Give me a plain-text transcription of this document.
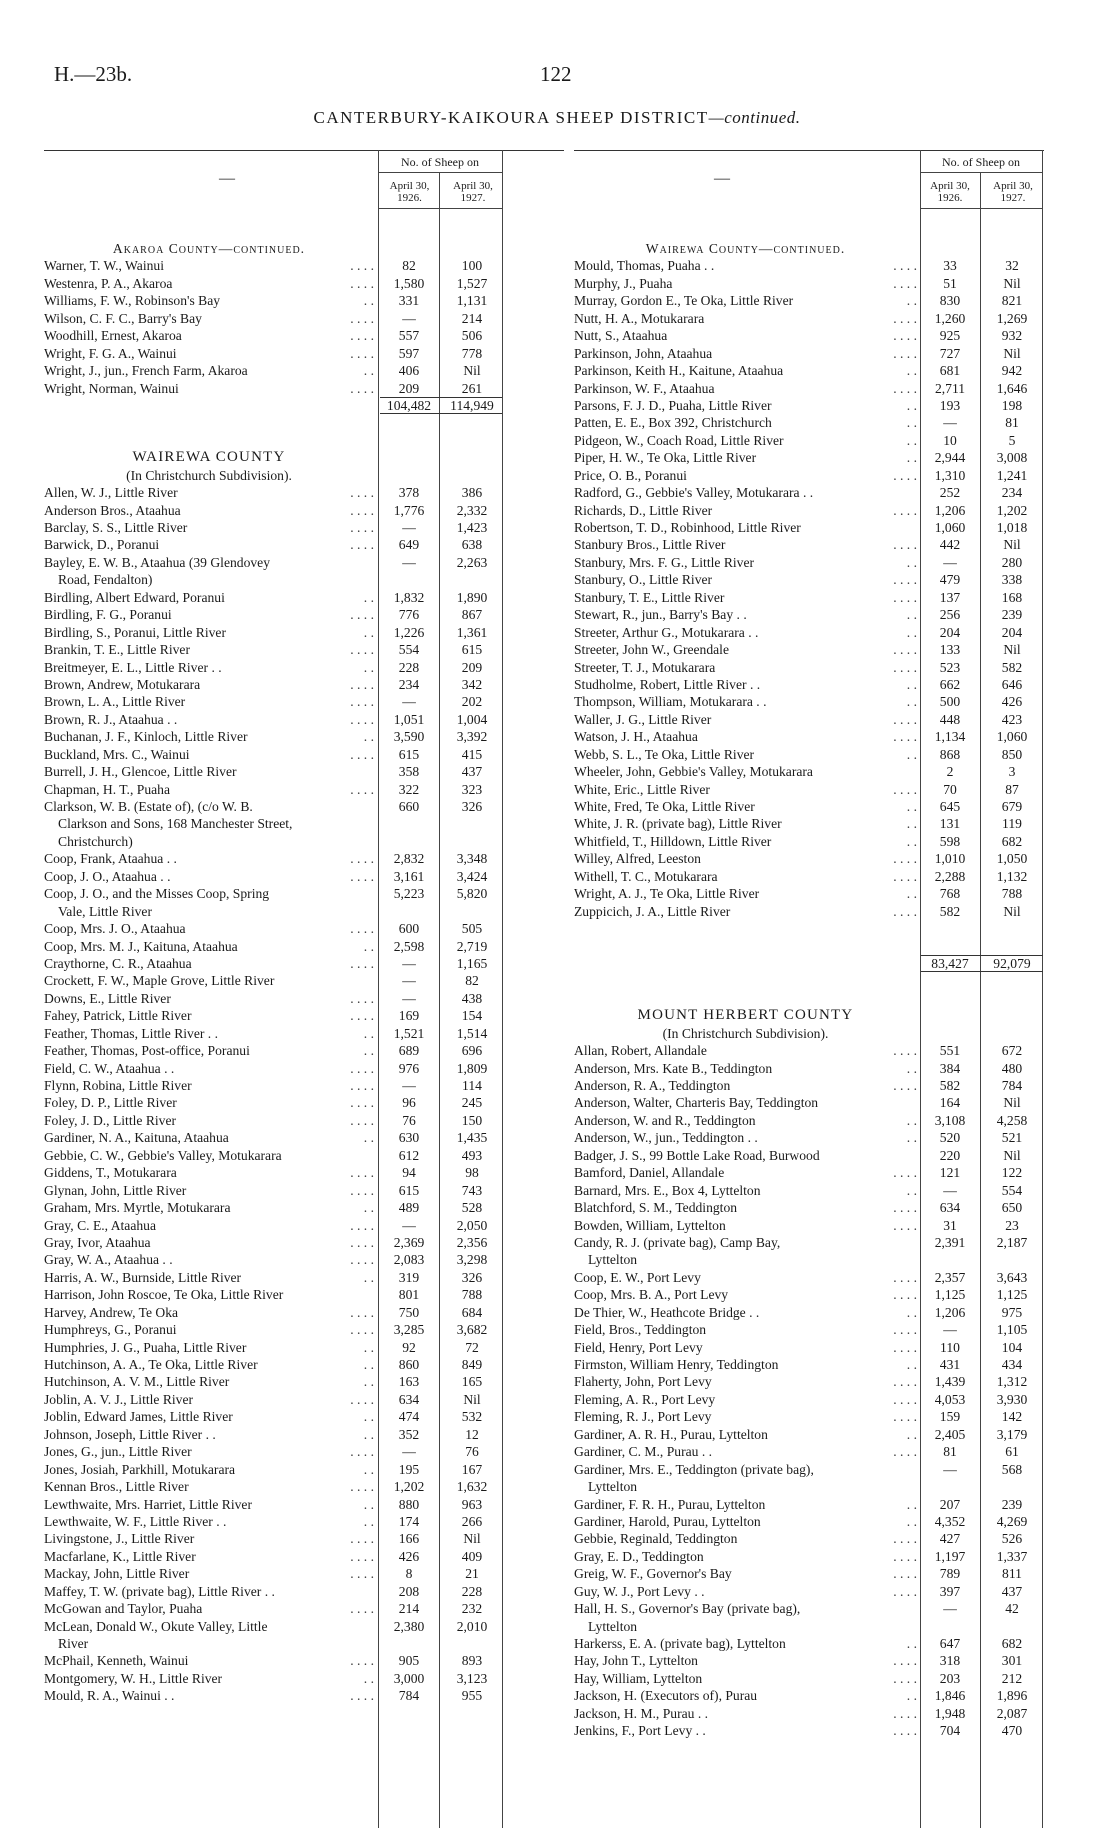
H.—23b.	122
CANTERBURY-KAIKOURA SHEEP DISTRICT—continued.
—
No. of Sheep on
April 30, 1926.
April 30, 1927.
Akaroa County—continued.
Warner, T. W., Wainui	. . . .	82	100
Westenra, P. A., Akaroa	. . . .	1,580	1,527
Williams, F. W., Robinson's Bay	. .	331	1,131
Wilson, C. F. C., Barry's Bay	. . . .	—	214
Woodhill, Ernest, Akaroa	. . . .	557	506
Wright, F. G. A., Wainui	. . . .	597	778
Wright, J., jun., French Farm, Akaroa	. .	406	Nil
Wright, Norman, Wainui	. . . .	209	261
104,482	114,949
WAIREWA COUNTY
(In Christchurch Subdivision).
Allen, W. J., Little River	. . . .	378	386
Anderson Bros., Ataahua	. . . .	1,776	2,332
Barclay, S. S., Little River	. . . .	—	1,423
Barwick, D., Poranui	. . . .	649	638
Bayley, E. W. B., Ataahua (39 Glendovey	—	2,263
Road, Fendalton)
Birdling, Albert Edward, Poranui	. .	1,832	1,890
Birdling, F. G., Poranui	. . . .	776	867
Birdling, S., Poranui, Little River	. .	1,226	1,361
Brankin, T. E., Little River	. . . .	554	615
Breitmeyer, E. L., Little River . .	. .	228	209
Brown, Andrew, Motukarara	. . . .	234	342
Brown, L. A., Little River	. . . .	—	202
Brown, R. J., Ataahua . .	. . . .	1,051	1,004
Buchanan, J. F., Kinloch, Little River	. .	3,590	3,392
Buckland, Mrs. C., Wainui	. . . .	615	415
Burrell, J. H., Glencoe, Little River	358	437
Chapman, H. T., Puaha	. . . .	322	323
Clarkson, W. B. (Estate of), (c/o W. B.	660	326
Clarkson and Sons, 168 Manchester Street,
Christchurch)
Coop, Frank, Ataahua . .	. . . .	2,832	3,348
Coop, J. O., Ataahua . .	. . . .	3,161	3,424
Coop, J. O., and the Misses Coop, Spring	5,223	5,820
Vale, Little River
Coop, Mrs. J. O., Ataahua	. . . .	600	505
Coop, Mrs. M. J., Kaituna, Ataahua	. .	2,598	2,719
Craythorne, C. R., Ataahua	. . . .	—	1,165
Crockett, F. W., Maple Grove, Little River	—	82
Downs, E., Little River	. . . .	—	438
Fahey, Patrick, Little River	. . . .	169	154
Feather, Thomas, Little River . .	. .	1,521	1,514
Feather, Thomas, Post-office, Poranui	. .	689	696
Field, C. W., Ataahua . .	. . . .	976	1,809
Flynn, Robina, Little River	. . . .	—	114
Foley, D. P., Little River	. . . .	96	245
Foley, J. D., Little River	. . . .	76	150
Gardiner, N. A., Kaituna, Ataahua	. .	630	1,435
Gebbie, C. W., Gebbie's Valley, Motukarara	612	493
Giddens, T., Motukarara	. . . .	94	98
Glynan, John, Little River	. . . .	615	743
Graham, Mrs. Myrtle, Motukarara	. .	489	528
Gray, C. E., Ataahua	. . . .	—	2,050
Gray, Ivor, Ataahua	. . . .	2,369	2,356
Gray, W. A., Ataahua . .	. . . .	2,083	3,298
Harris, A. W., Burnside, Little River	. .	319	326
Harrison, John Roscoe, Te Oka, Little River	801	788
Harvey, Andrew, Te Oka	. . . .	750	684
Humphreys, G., Poranui	. . . .	3,285	3,682
Humphries, J. G., Puaha, Little River	. .	92	72
Hutchinson, A. A., Te Oka, Little River	. .	860	849
Hutchinson, A. V. M., Little River	. .	163	165
Joblin, A. V. J., Little River	. . . .	634	Nil
Joblin, Edward James, Little River	. .	474	532
Johnson, Joseph, Little River . .	. .	352	12
Jones, G., jun., Little River	. . . .	—	76
Jones, Josiah, Parkhill, Motukarara	. .	195	167
Kennan Bros., Little River	. . . .	1,202	1,632
Lewthwaite, Mrs. Harriet, Little River	. .	880	963
Lewthwaite, W. F., Little River . .	. .	174	266
Livingstone, J., Little River	. . . .	166	Nil
Macfarlane, K., Little River	. . . .	426	409
Mackay, John, Little River	. . . .	8	21
Maffey, T. W. (private bag), Little River . .	208	228
McGowan and Taylor, Puaha	. . . .	214	232
McLean, Donald W., Okute Valley, Little	2,380	2,010
River
McPhail, Kenneth, Wainui	. . . .	905	893
Montgomery, W. H., Little River	. .	3,000	3,123
Mould, R. A., Wainui . .	. . . .	784	955
—
No. of Sheep on
April 30, 1926.
April 30, 1927.
Wairewa County—continued.
Mould, Thomas, Puaha . .	. . . .	33	32
Murphy, J., Puaha	. . . .	51	Nil
Murray, Gordon E., Te Oka, Little River	. .	830	821
Nutt, H. A., Motukarara	. . . .	1,260	1,269
Nutt, S., Ataahua	. . . .	925	932
Parkinson, John, Ataahua	. . . .	727	Nil
Parkinson, Keith H., Kaitune, Ataahua	. .	681	942
Parkinson, W. F., Ataahua	. . . .	2,711	1,646
Parsons, F. J. D., Puaha, Little River	. .	193	198
Patten, E. E., Box 392, Christchurch	. .	—	81
Pidgeon, W., Coach Road, Little River	. .	10	5
Piper, H. W., Te Oka, Little River	. .	2,944	3,008
Price, O. B., Poranui	. . . .	1,310	1,241
Radford, G., Gebbie's Valley, Motukarara . .	252	234
Richards, D., Little River	. . . .	1,206	1,202
Robertson, T. D., Robinhood, Little River	1,060	1,018
Stanbury Bros., Little River	. . . .	442	Nil
Stanbury, Mrs. F. G., Little River	. .	—	280
Stanbury, O., Little River	. . . .	479	338
Stanbury, T. E., Little River	. . . .	137	168
Stewart, R., jun., Barry's Bay . .	. .	256	239
Streeter, Arthur G., Motukarara . .	. .	204	204
Streeter, John W., Greendale	. . . .	133	Nil
Streeter, T. J., Motukarara	. . . .	523	582
Studholme, Robert, Little River . .	. .	662	646
Thompson, William, Motukarara . .	. .	500	426
Waller, J. G., Little River	. . . .	448	423
Watson, J. H., Ataahua	. . . .	1,134	1,060
Webb, S. L., Te Oka, Little River	. .	868	850
Wheeler, John, Gebbie's Valley, Motukarara	2	3
White, Eric., Little River	. . . .	70	87
White, Fred, Te Oka, Little River	. .	645	679
White, J. R. (private bag), Little River	. .	131	119
Whitfield, T., Hilldown, Little River	. .	598	682
Willey, Alfred, Leeston	. . . .	1,010	1,050
Withell, T. C., Motukarara	. . . .	2,288	1,132
Wright, A. J., Te Oka, Little River	. .	768	788
Zuppicich, J. A., Little River	. . . .	582	Nil
83,427	92,079
MOUNT HERBERT COUNTY
(In Christchurch Subdivision).
Allan, Robert, Allandale	. . . .	551	672
Anderson, Mrs. Kate B., Teddington	. .	384	480
Anderson, R. A., Teddington	. . . .	582	784
Anderson, Walter, Charteris Bay, Teddington	164	Nil
Anderson, W. and R., Teddington	. .	3,108	4,258
Anderson, W., jun., Teddington . .	. .	520	521
Badger, J. S., 99 Bottle Lake Road, Burwood	220	Nil
Bamford, Daniel, Allandale	. . . .	121	122
Barnard, Mrs. E., Box 4, Lyttelton	. .	—	554
Blatchford, S. M., Teddington	. . . .	634	650
Bowden, William, Lyttelton	. . . .	31	23
Candy, R. J. (private bag), Camp Bay,	2,391	2,187
Lyttelton
Coop, E. W., Port Levy	. . . .	2,357	3,643
Coop, Mrs. B. A., Port Levy	. . . .	1,125	1,125
De Thier, W., Heathcote Bridge . .	. .	1,206	975
Field, Bros., Teddington	. . . .	—	1,105
Field, Henry, Port Levy	. . . .	110	104
Firmston, William Henry, Teddington	. .	431	434
Flaherty, John, Port Levy	. . . .	1,439	1,312
Fleming, A. R., Port Levy	. . . .	4,053	3,930
Fleming, R. J., Port Levy	. . . .	159	142
Gardiner, A. R. H., Purau, Lyttelton	. .	2,405	3,179
Gardiner, C. M., Purau . .	. . . .	81	61
Gardiner, Mrs. E., Teddington (private bag),	—	568
Lyttelton
Gardiner, F. R. H., Purau, Lyttelton	. .	207	239
Gardiner, Harold, Purau, Lyttelton	. .	4,352	4,269
Gebbie, Reginald, Teddington	. . . .	427	526
Gray, E. D., Teddington	. . . .	1,197	1,337
Greig, W. F., Governor's Bay	. . . .	789	811
Guy, W. J., Port Levy . .	. . . .	397	437
Hall, H. S., Governor's Bay (private bag),	—	42
Lyttelton
Harkerss, E. A. (private bag), Lyttelton	. .	647	682
Hay, John T., Lyttelton	. . . .	318	301
Hay, William, Lyttelton	. . . .	203	212
Jackson, H. (Executors of), Purau	. .	1,846	1,896
Jackson, H. M., Purau . .	. . . .	1,948	2,087
Jenkins, F., Port Levy . .	. . . .	704	470
